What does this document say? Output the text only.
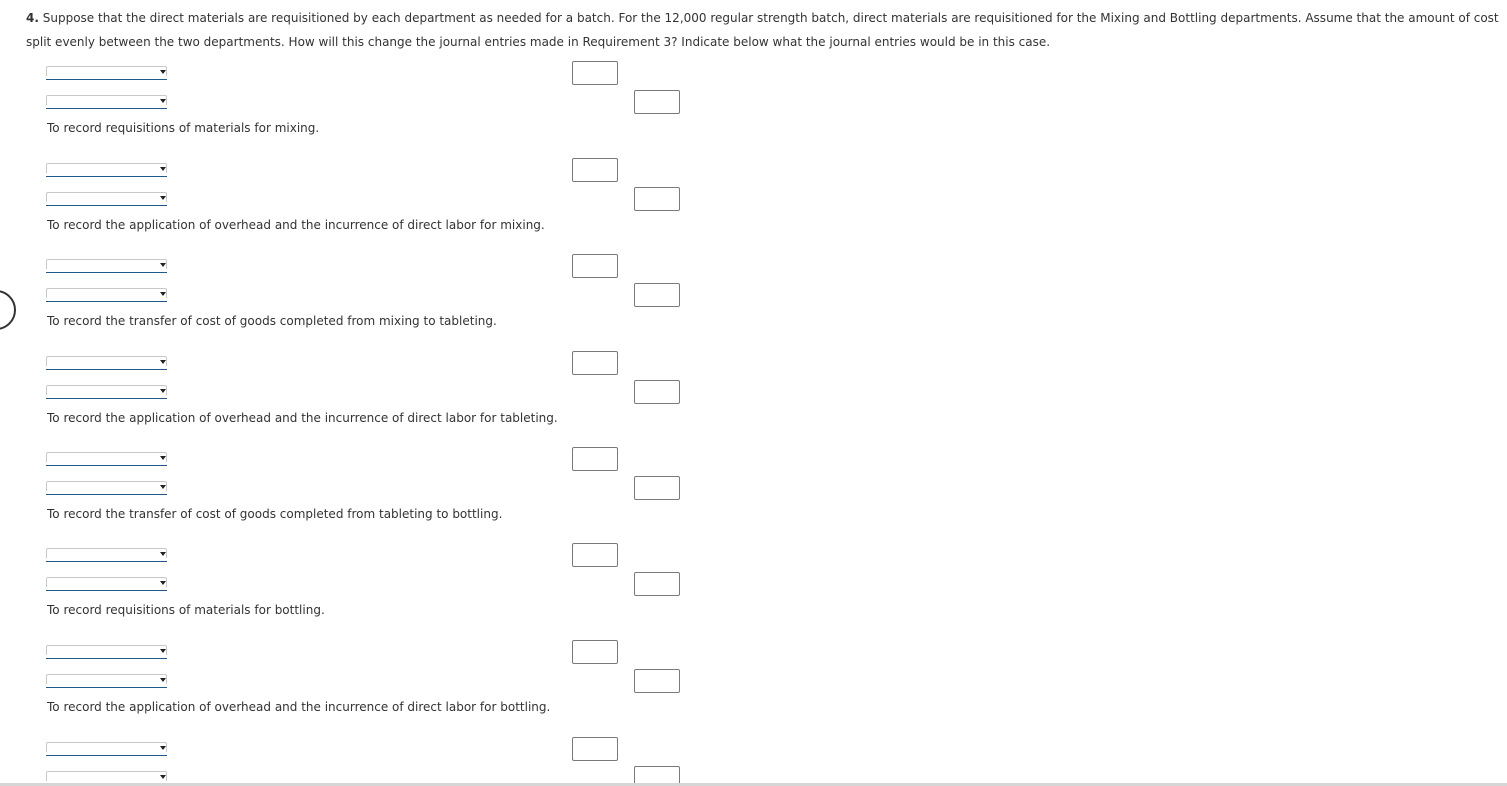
4. Suppose that the direct materials are requisitioned by each department as needed for a batch. For the 12,000 regular strength batch, direct materials are requisitioned for the Mixing and Bottling departments. Assume that the amount of cost
split evenly between the two departments. How will this change the journal entries made in Requirement 3? Indicate below what the journal entries would be in this case.
To record requisitions of materials for mixing.
To record the application of overhead and the incurrence of direct labor for mixing.
To record the transfer of cost of goods completed from mixing to tableting.
To record the application of overhead and the incurrence of direct labor for tableting.
To record the transfer of cost of goods completed from tableting to bottling.
To record requisitions of materials for bottling.
To record the application of overhead and the incurrence of direct labor for bottling.
